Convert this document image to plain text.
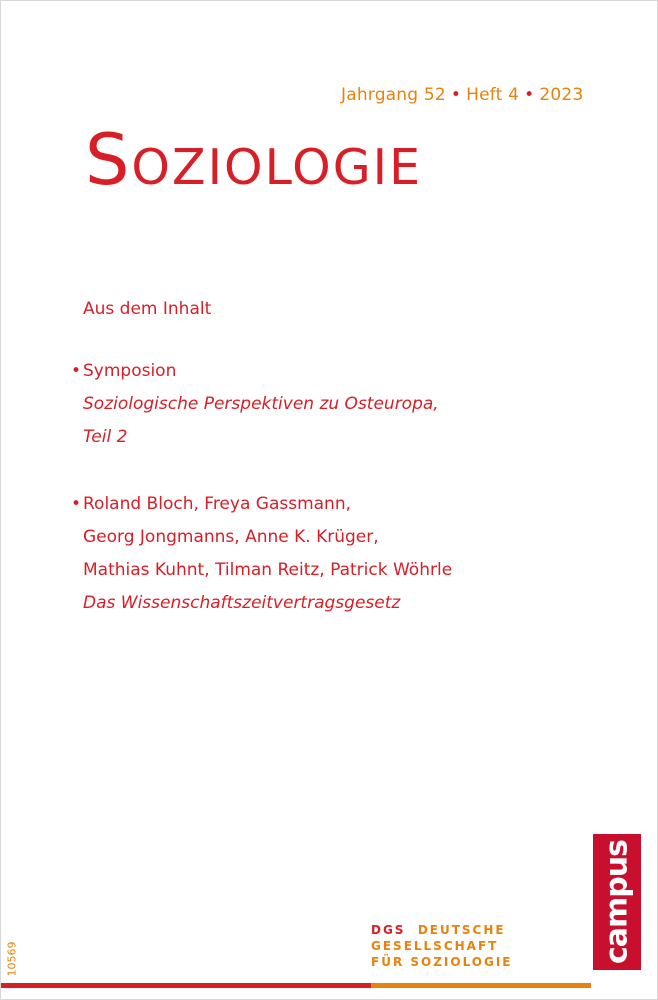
Jahrgang 52 • Heft 4 • 2023
Soziologie
Aus dem Inhalt
• Symposion
Soziologische Perspektiven zu Osteuropa,
Teil 2
• Roland Bloch, Freya Gassmann,
Georg Jongmanns, Anne K. Krüger,
Mathias Kuhnt, Tilman Reitz, Patrick Wöhrle
Das Wissenschaftszeitvertragsgesetz
campus
DGS DEUTSCHE
GESELLSCHAFT
FÜR SOZIOLOGIE
10569
